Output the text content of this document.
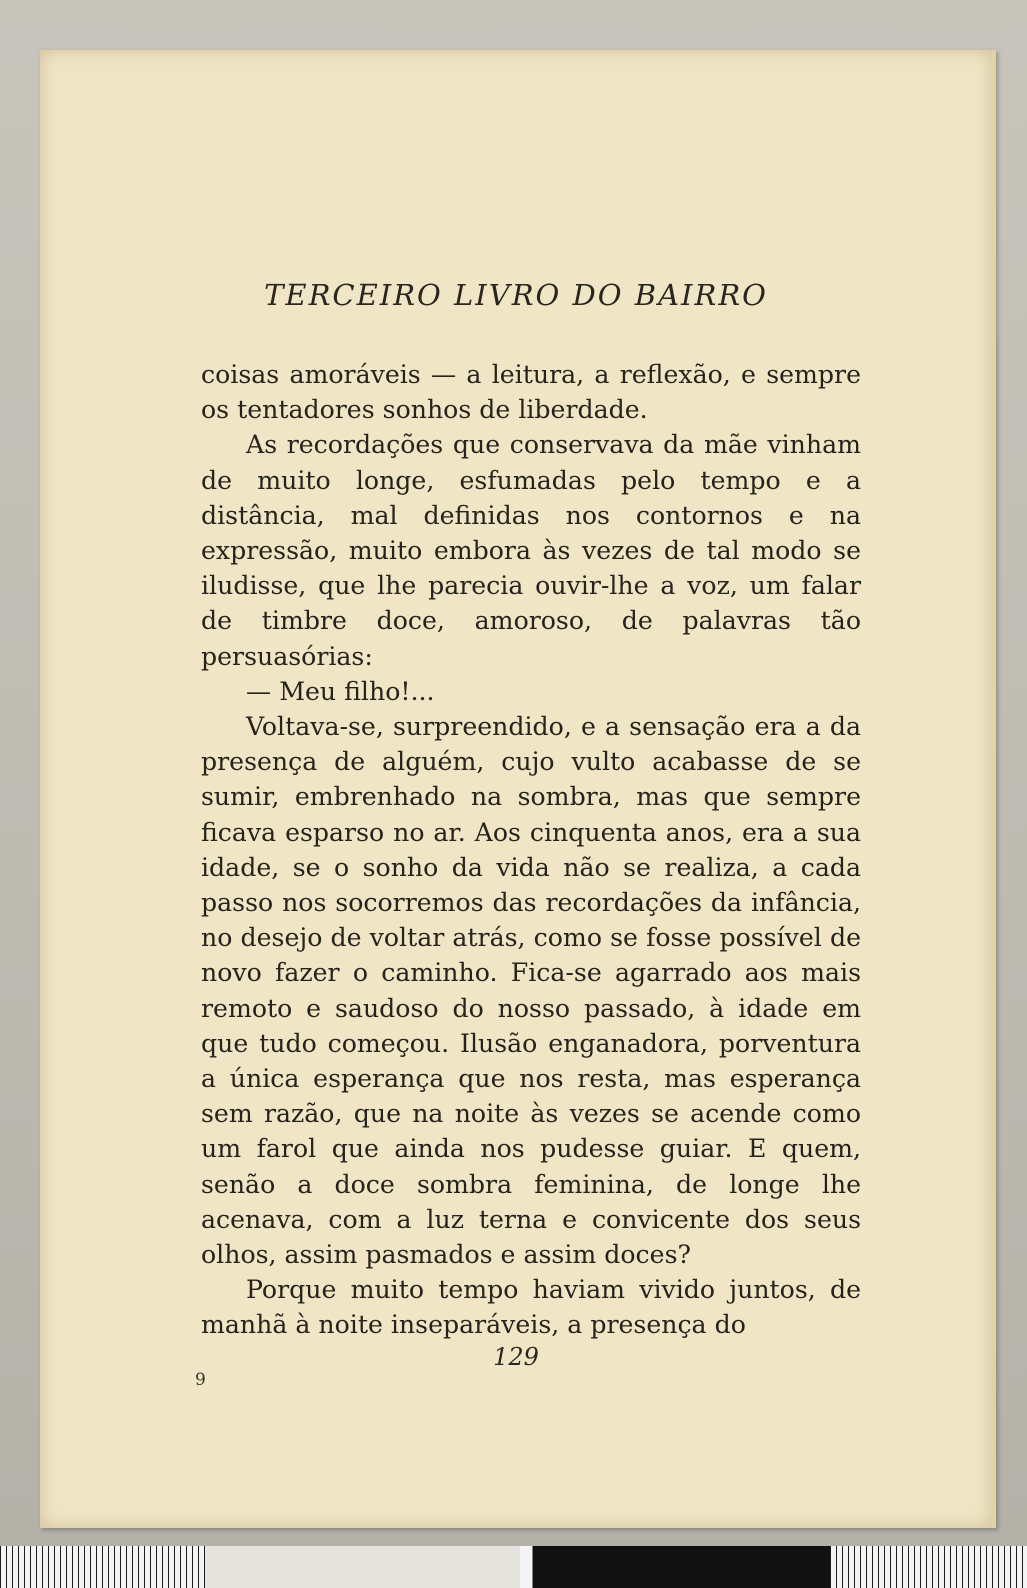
TERCEIRO LIVRO DO BAIRRO

coisas amoráveis — a leitura, a reflexão, e sempre os tentadores sonhos de liberdade.

As recordações que conservava da mãe vinham de muito longe, esfumadas pelo tempo e a distância, mal definidas nos contornos e na expressão, muito embora às vezes de tal modo se iludisse, que lhe parecia ouvir-lhe a voz, um falar de timbre doce, amoroso, de palavras tão persuasórias:

— Meu filho!...

Voltava-se, surpreendido, e a sensação era a da presença de alguém, cujo vulto acabasse de se sumir, embrenhado na sombra, mas que sempre ficava esparso no ar. Aos cinquenta anos, era a sua idade, se o sonho da vida não se realiza, a cada passo nos socorremos das recordações da infância, no desejo de voltar atrás, como se fosse possível de novo fazer o caminho. Fica-se agarrado aos mais remoto e saudoso do nosso passado, à idade em que tudo começou. Ilusão enganadora, porventura a única esperança que nos resta, mas esperança sem razão, que na noite às vezes se acende como um farol que ainda nos pudesse guiar. E quem, senão a doce sombra feminina, de longe lhe acenava, com a luz terna e convicente dos seus olhos, assim pasmados e assim doces?

Porque muito tempo haviam vivido juntos, de manhã à noite inseparáveis, a presença do

129
9
